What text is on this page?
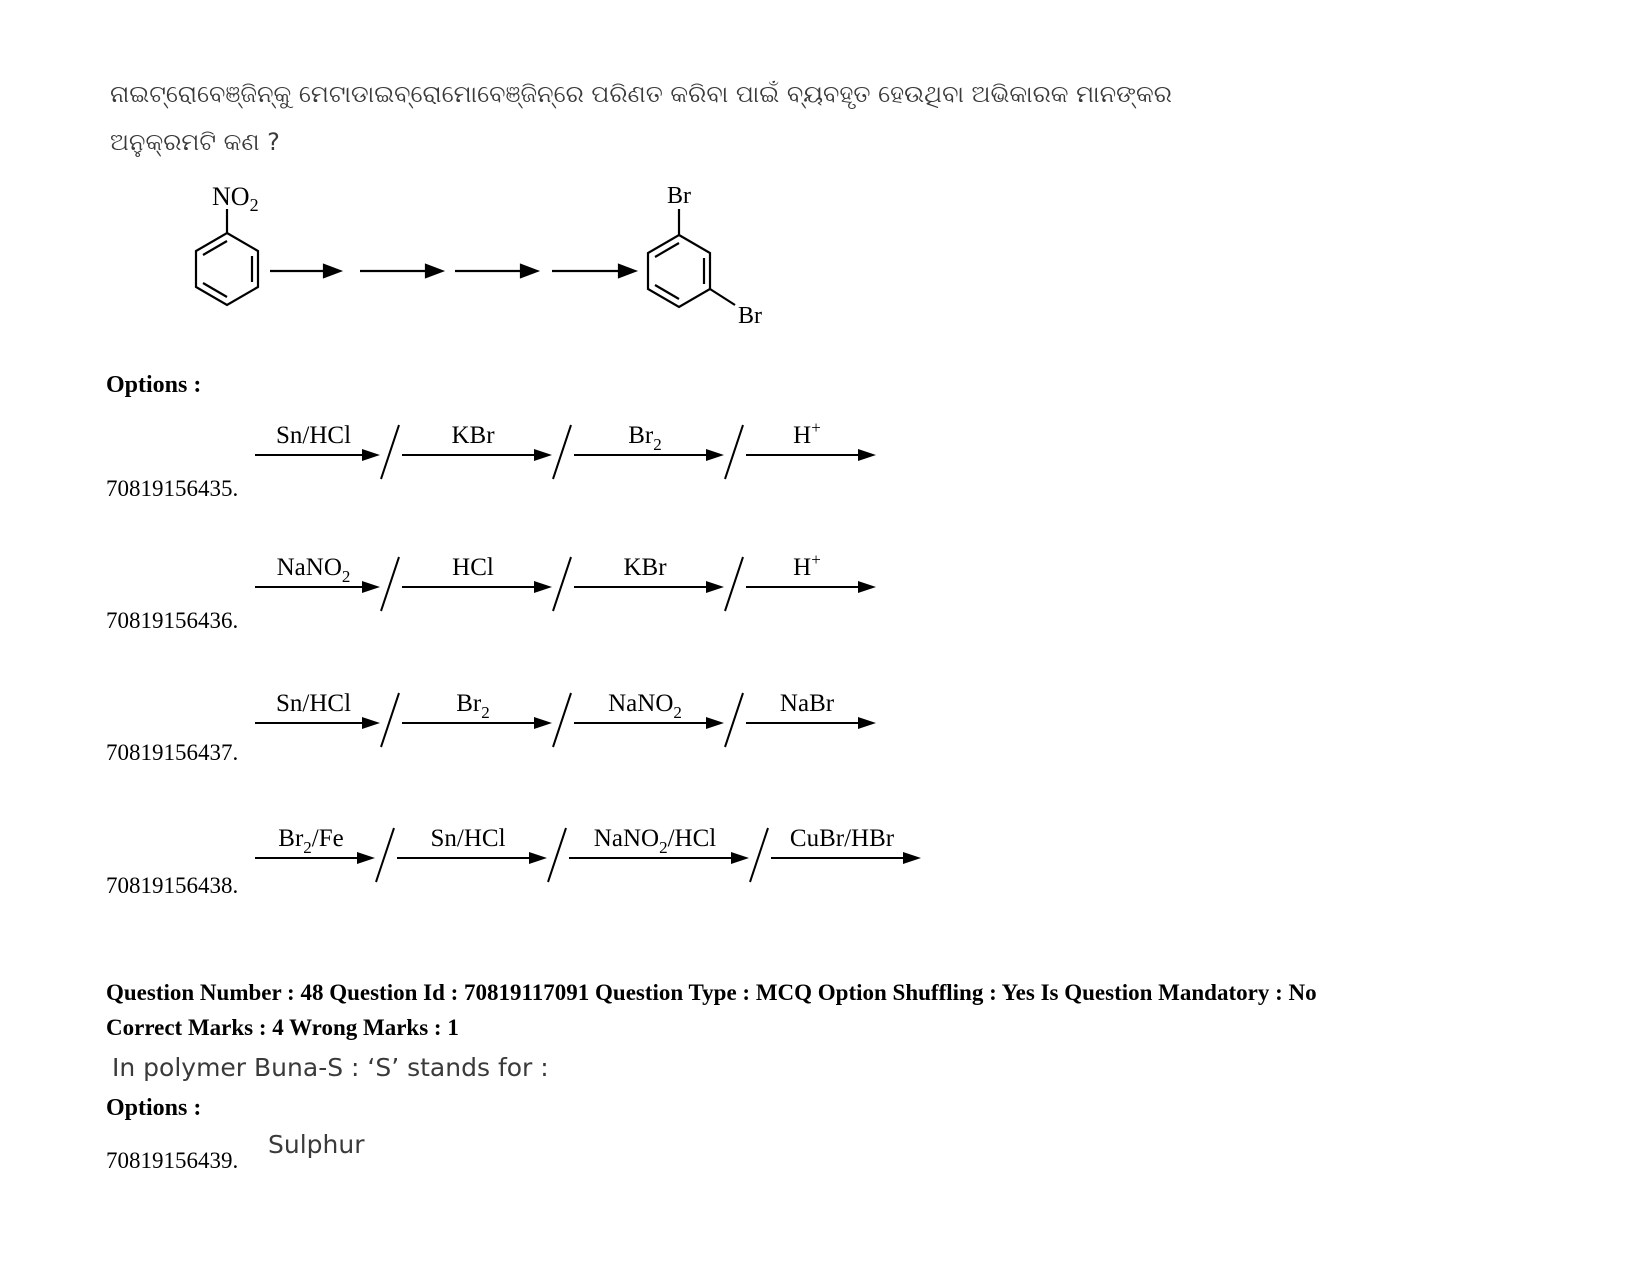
ନାଇଟ୍ରୋବେଞ୍ଜିନ୍‌କୁ ମେଟାଡାଇବ୍ରୋମୋବେଞ୍ଜିନ୍‌ରେ ପରିଣତ କରିବା ପାଇଁ ବ୍ୟବହୃତ ହେଉଥିବା ଅଭିକାରକ ମାନଙ୍କର ଅନୁକ୍ରମଟି କଣ ?
$NO_2$	Br
Br
Options :
70819156435.
Sn/HCl	KBr	$Br_2$	H+
70819156436.
NaNO$_2$	HCl	KBr	H+
70819156437.
Sn/HCl	$Br_2$	NaNO$_2$	NaBr
70819156438.
$Br_2/Fe$	Sn/HCl	NaNO$_2$/HCl	CuBr/HBr
Question Number : 48 Question Id : 70819117091 Question Type : MCQ Option Shuffling : Yes Is Question Mandatory : No
Correct Marks : 4 Wrong Marks : 1
In polymer Buna-S : ‘S’ stands for :
Options :
70819156439.
Sulphur
